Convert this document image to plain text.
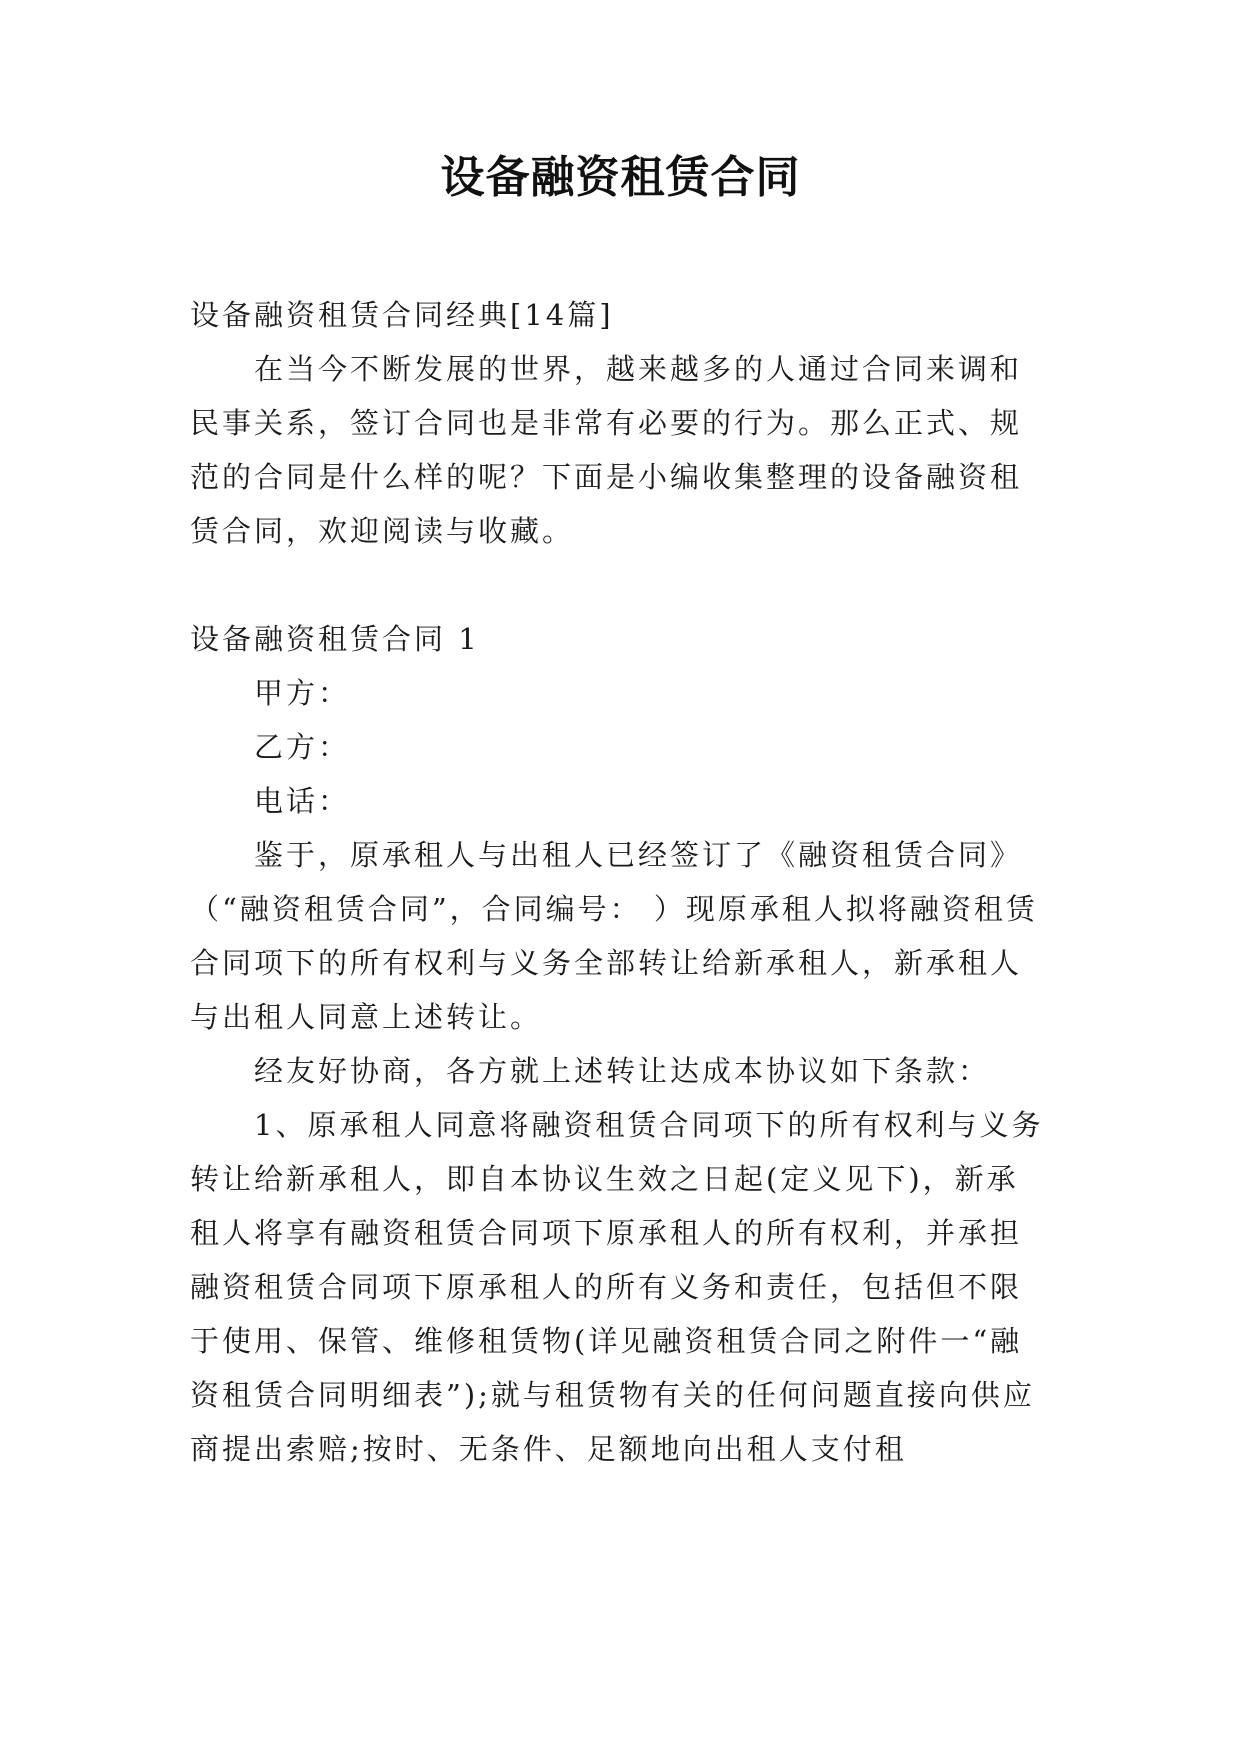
设备融资租赁合同

设备融资租赁合同经典[14篇]

在当今不断发展的世界，越来越多的人通过合同来调和民事关系，签订合同也是非常有必要的行为。那么正式、规范的合同是什么样的呢？下面是小编收集整理的设备融资租赁合同，欢迎阅读与收藏。

设备融资租赁合同 1

甲方：

乙方：

电话：

鉴于，原承租人与出租人已经签订了《融资租赁合同》（“融资租赁合同”，合同编号： ）现原承租人拟将融资租赁合同项下的所有权利与义务全部转让给新承租人，新承租人与出租人同意上述转让。

经友好协商，各方就上述转让达成本协议如下条款：

1、原承租人同意将融资租赁合同项下的所有权利与义务转让给新承租人，即自本协议生效之日起(定义见下)，新承租人将享有融资租赁合同项下原承租人的所有权利，并承担融资租赁合同项下原承租人的所有义务和责任，包括但不限于使用、保管、维修租赁物(详见融资租赁合同之附件一“融资租赁合同明细表”);就与租赁物有关的任何问题直接向供应商提出索赔;按时、无条件、足额地向出租人支付租
